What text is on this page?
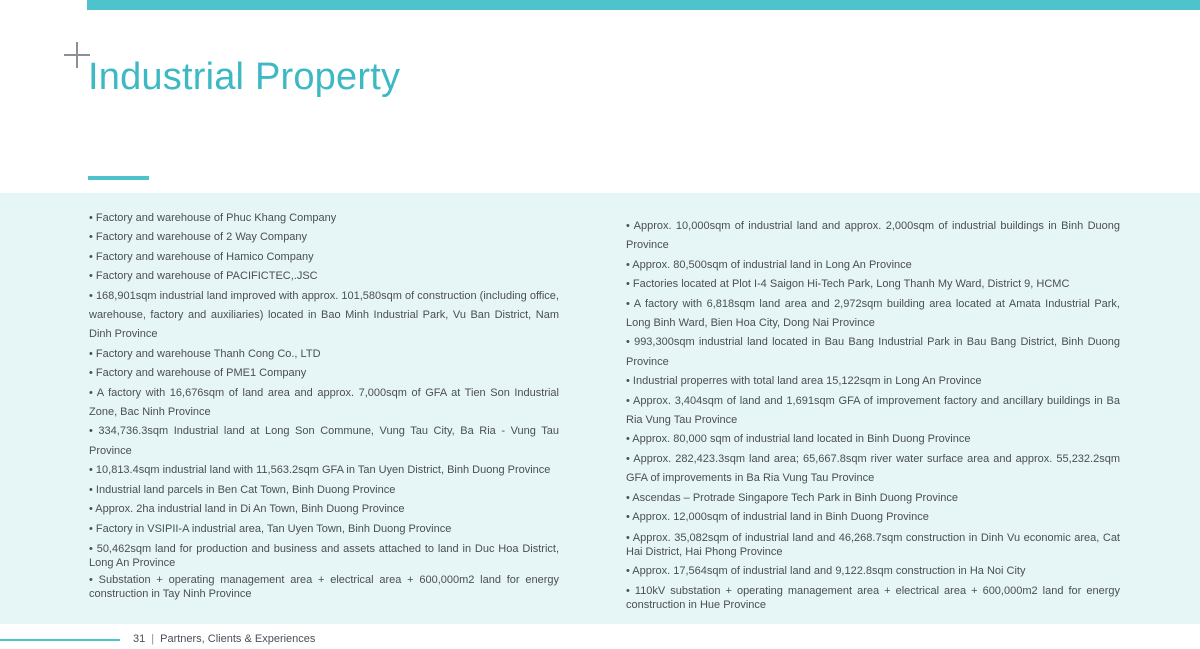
Industrial Property

• Factory and warehouse of Phuc Khang Company

• Factory and warehouse of 2 Way Company

• Factory and warehouse of Hamico Company

• Factory and warehouse of PACIFICTEC,.JSC

• 168,901sqm industrial land improved with approx. 101,580sqm of construction (including office, warehouse, factory and auxiliaries) located in Bao Minh Industrial Park, Vu Ban District, Nam Dinh Province

• Factory and warehouse Thanh Cong Co., LTD

• Factory and warehouse of PME1 Company

• A factory with 16,676sqm of land area and approx. 7,000sqm of GFA at Tien Son Industrial Zone, Bac Ninh Province

• 334,736.3sqm Industrial land at Long Son Commune, Vung Tau City, Ba Ria - Vung Tau Province

• 10,813.4sqm industrial land with 11,563.2sqm GFA in Tan Uyen District, Binh Duong Province

• Industrial land parcels in Ben Cat Town, Binh Duong Province

• Approx. 2ha industrial land in Di An Town, Binh Duong Province

• Factory in VSIPII-A industrial area, Tan Uyen Town, Binh Duong Province

• 50,462sqm land for production and business and assets attached to land in Duc Hoa District, Long An Province

• Substation + operating management area + electrical area + 600,000m2 land for energy construction in Tay Ninh Province

• Approx. 10,000sqm of industrial land and approx. 2,000sqm of industrial buildings in Binh Duong Province

• Approx. 80,500sqm of industrial land in Long An Province

• Factories located at Plot I-4 Saigon Hi-Tech Park, Long Thanh My Ward, District 9, HCMC

• A factory with 6,818sqm land area and 2,972sqm building area located at Amata Industrial Park, Long Binh Ward, Bien Hoa City, Dong Nai Province

• 993,300sqm industrial land located in Bau Bang Industrial Park in Bau Bang District, Binh Duong Province

• Industrial properres with total land area 15,122sqm in Long An Province

• Approx. 3,404sqm of land and 1,691sqm GFA of improvement factory and ancillary buildings in Ba Ria Vung Tau Province

• Approx. 80,000 sqm of industrial land located in Binh Duong Province

• Approx. 282,423.3sqm land area; 65,667.8sqm river water surface area and approx. 55,232.2sqm GFA of improvements in Ba Ria Vung Tau Province

• Ascendas – Protrade Singapore Tech Park in Binh Duong Province

• Approx. 12,000sqm of industrial land in Binh Duong Province

• Approx. 35,082sqm of industrial land and 46,268.7sqm construction in Dinh Vu economic area, Cat Hai District, Hai Phong Province

• Approx. 17,564sqm of industrial land and 9,122.8sqm construction in Ha Noi City

• 110kV substation + operating management area + electrical area + 600,000m2 land for energy construction in Hue Province

31 | Partners, Clients & Experiences
